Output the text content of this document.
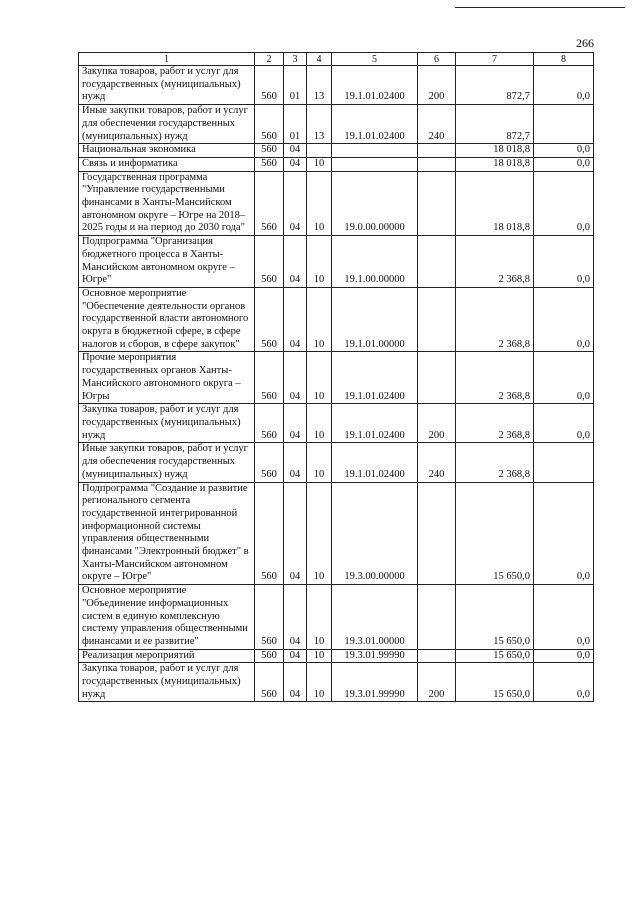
266
1	2	3	4	5	6	7	8
Закупка товаров, работ и услуг для государственных (муниципальных) нужд	560	01	13	19.1.01.02400	200	872,7	0,0
Иные закупки товаров, работ и услуг для обеспечения государственных (муниципальных) нужд	560	01	13	19.1.01.02400	240	872,7	
Национальная экономика	560	04				18 018,8	0,0
Связь и информатика	560	04	10			18 018,8	0,0
Государственная программа "Управление государственными финансами в Ханты-Мансийском автономном округе – Югре на 2018–2025 годы и на период до 2030 года"	560	04	10	19.0.00.00000		18 018,8	0,0
Подпрограмма "Организация бюджетного процесса в Ханты-Мансийском автономном округе – Югре"	560	04	10	19.1.00.00000		2 368,8	0,0
Основное мероприятие "Обеспечение деятельности органов государственной власти автономного округа в бюджетной сфере, в сфере налогов и сборов, в сфере закупок"	560	04	10	19.1.01.00000		2 368,8	0,0
Прочие мероприятия государственных органов Ханты-Мансийского автономного округа – Югры	560	04	10	19.1.01.02400		2 368,8	0,0
Закупка товаров, работ и услуг для государственных (муниципальных) нужд	560	04	10	19.1.01.02400	200	2 368,8	0,0
Иные закупки товаров, работ и услуг для обеспечения государственных (муниципальных) нужд	560	04	10	19.1.01.02400	240	2 368,8	
Подпрограмма "Создание и развитие регионального сегмента государственной интегрированной информационной системы управления общественными финансами "Электронный бюджет" в Ханты-Мансийском автономном округе – Югре"	560	04	10	19.3.00.00000		15 650,0	0,0
Основное мероприятие "Объединение информационных систем в единую комплексную систему управления общественными финансами и ее развитие"	560	04	10	19.3.01.00000		15 650,0	0,0
Реализация мероприятий	560	04	10	19.3.01.99990		15 650,0	0,0
Закупка товаров, работ и услуг для государственных (муниципальных) нужд	560	04	10	19.3.01.99990	200	15 650,0	0,0
